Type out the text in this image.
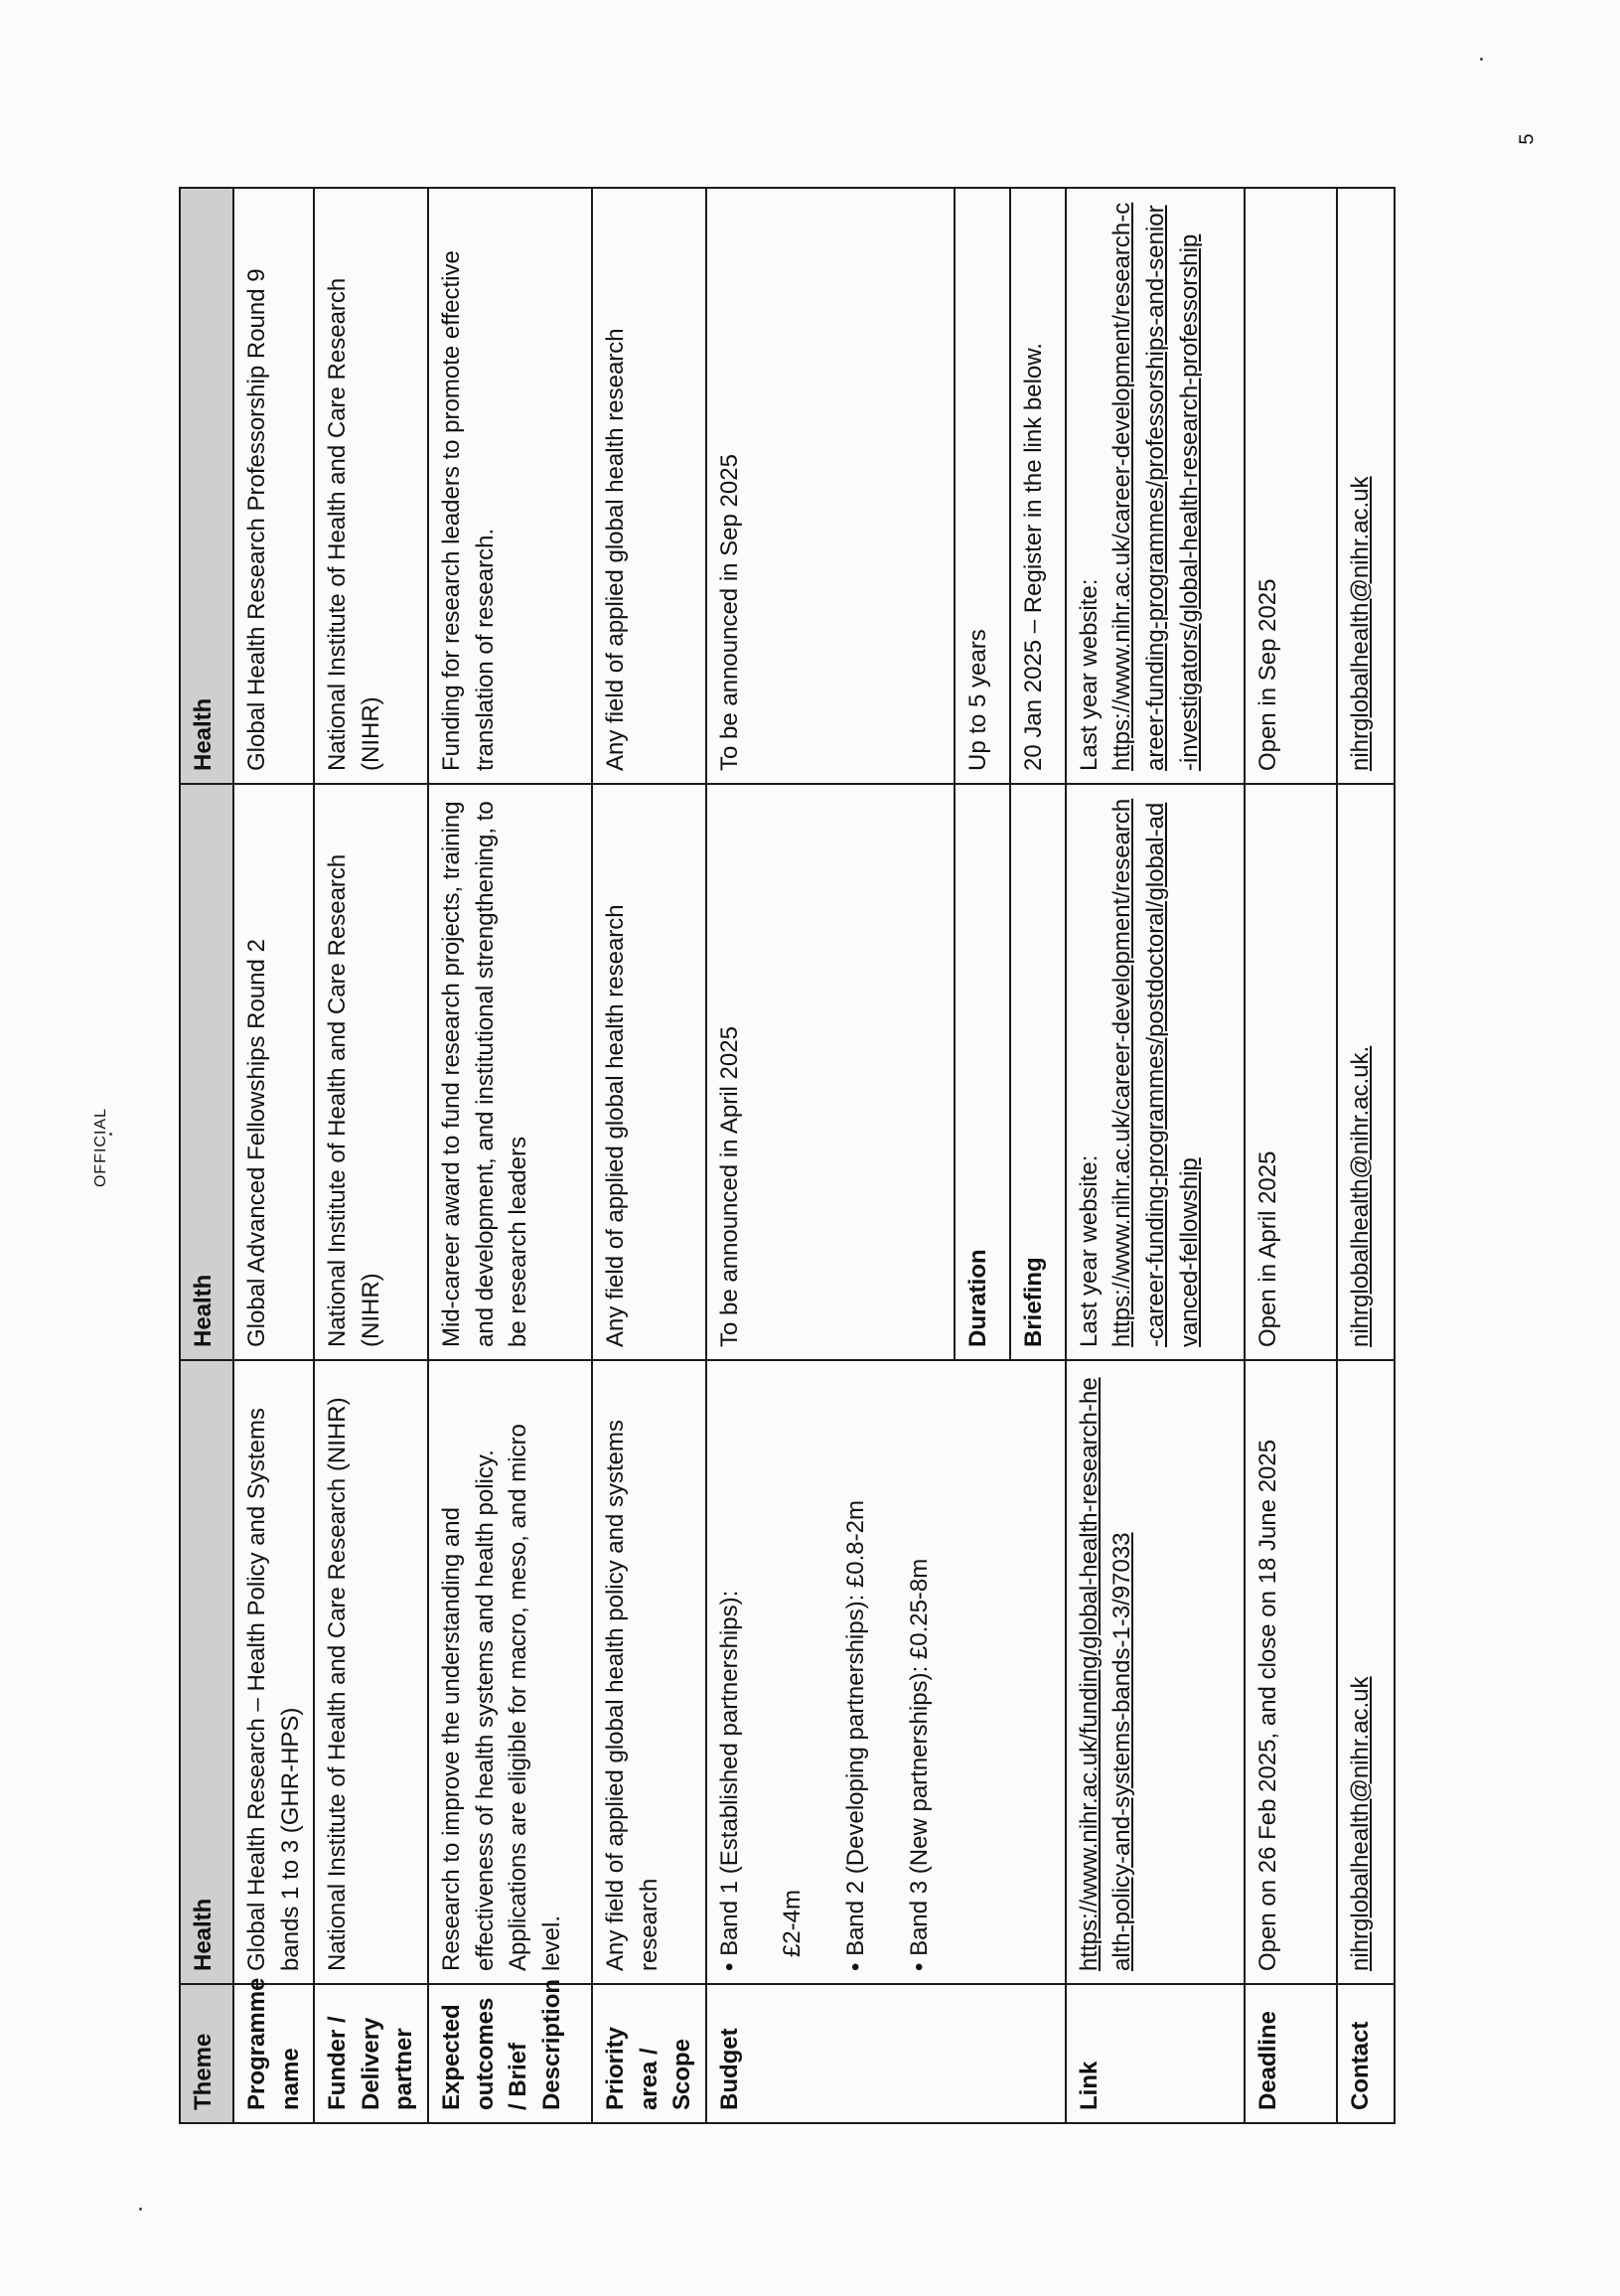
OFFICIAL
5
Theme	Health	Health	Health
Programme name	Global Health Research – Health Policy and Systems bands 1 to 3 (GHR-HPS)	Global Advanced Fellowships Round 2	Global Health Research Professorship Round 9
Funder / Delivery partner	National Institute of Health and Care Research (NIHR)	National Institute of Health and Care Research (NIHR)	National Institute of Health and Care Research (NIHR)
Expected outcomes / Brief Description	Research to improve the understanding and effectiveness of health systems and health policy. Applications are eligible for macro, meso, and micro level.	Mid-career award to fund research projects, training and development, and institutional strengthening, to be research leaders	Funding for research leaders to promote effective translation of research.
Priority area / Scope	Any field of applied global health policy and systems research	Any field of applied global health research	Any field of applied global health research
Budget	• Band 1 (Established partnerships): £2-4m • Band 2 (Developing partnerships): £0.8-2m • Band 3 (New partnerships): £0.25-8m	To be announced in April 2025	To be announced in Sep 2025
		Duration	Up to 5 years
		Briefing	20 Jan 2025 – Register in the link below.
Link	https://www.nihr.ac.uk/funding/global-health-research-health-policy-and-systems-bands-1-3/97033	Last year website: https://www.nihr.ac.uk/career-development/research-career-funding-programmes/postdoctoral/global-advanced-fellowship	Last year website: https://www.nihr.ac.uk/career-development/research-career-funding-programmes/professorships-and-senior-investigators/global-health-research-professorship
Deadline	Open on 26 Feb 2025, and close on 18 June 2025	Open in April 2025	Open in Sep 2025
Contact	nihrglobalhealth@nihr.ac.uk	nihrglobalhealth@nihr.ac.uk.	nihrglobalhealth@nihr.ac.uk
